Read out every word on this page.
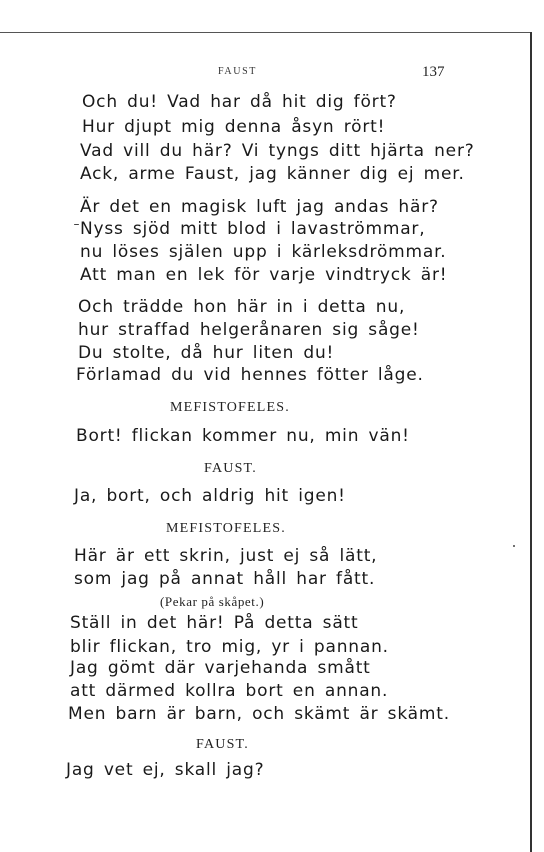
FAUST	137
Och du! Vad har då hit dig fört?
Hur djupt mig denna åsyn rört!
Vad vill du här? Vi tyngs ditt hjärta ner?
Ack, arme Faust, jag känner dig ej mer.
Är det en magisk luft jag andas här?
Nyss sjöd mitt blod i lavaströmmar,
nu löses själen upp i kärleksdrömmar.
Att man en lek för varje vindtryck är!
Och trädde hon här in i detta nu,
hur straffad helgerånaren sig såge!
Du stolte, då hur liten du!
Förlamad du vid hennes fötter låge.
MEFISTOFELES.
Bort! flickan kommer nu, min vän!
FAUST.
Ja, bort, och aldrig hit igen!
MEFISTOFELES.
Här är ett skrin, just ej så lätt,
som jag på annat håll har fått.
(Pekar på skåpet.)
Ställ in det här! På detta sätt
blir flickan, tro mig, yr i pannan.
Jag gömt där varjehanda smått
att därmed kollra bort en annan.
Men barn är barn, och skämt är skämt.
FAUST.
Jag vet ej, skall jag?
